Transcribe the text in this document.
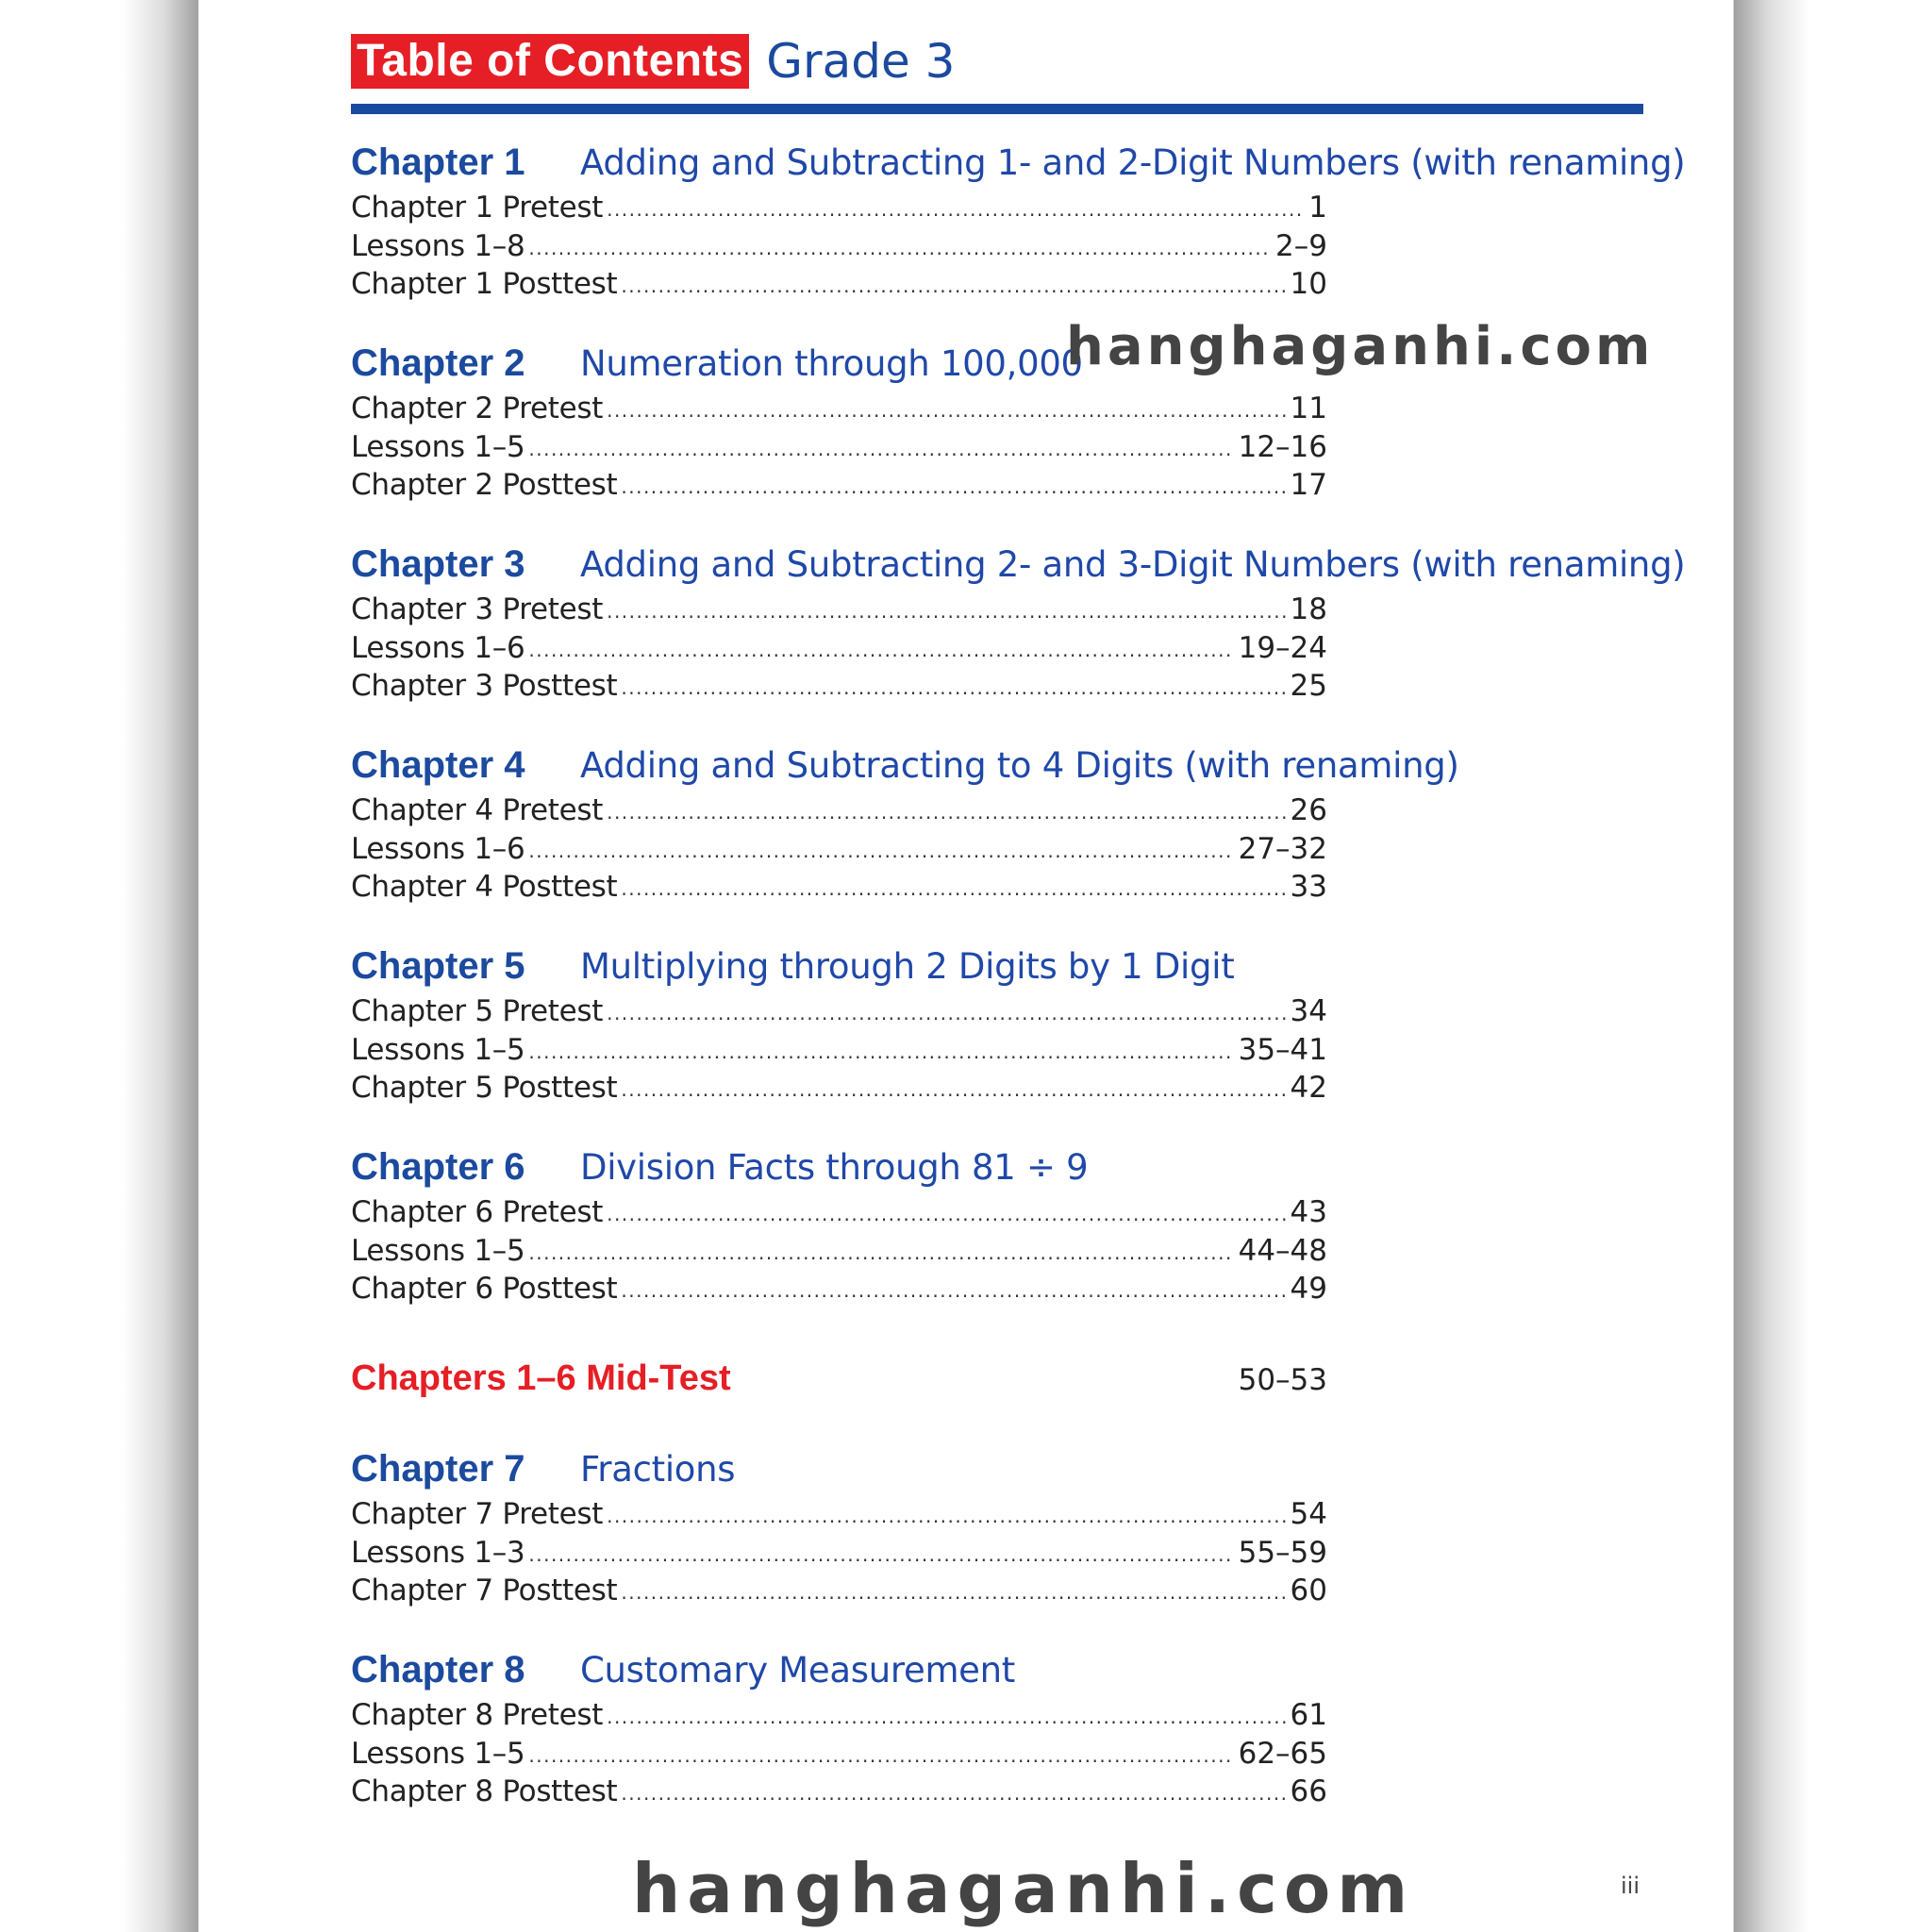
Table of Contents Grade 3
Chapter 1	Adding and Subtracting 1- and 2-Digit Numbers (with renaming)
Chapter 1 Pretest .....	1
Lessons 1–8 .....	2–9
Chapter 1 Posttest .....	10
Chapter 2	Numeration through 100,000
Chapter 2 Pretest .....	11
Lessons 1–5 .....	12–16
Chapter 2 Posttest .....	17
Chapter 3	Adding and Subtracting 2- and 3-Digit Numbers (with renaming)
Chapter 3 Pretest .....	18
Lessons 1–6 .....	19–24
Chapter 3 Posttest .....	25
Chapter 4	Adding and Subtracting to 4 Digits (with renaming)
Chapter 4 Pretest .....	26
Lessons 1–6 .....	27–32
Chapter 4 Posttest .....	33
Chapter 5	Multiplying through 2 Digits by 1 Digit
Chapter 5 Pretest .....	34
Lessons 1–5 .....	35–41
Chapter 5 Posttest .....	42
Chapter 6	Division Facts through 81 ÷ 9
Chapter 6 Pretest .....	43
Lessons 1–5 .....	44–48
Chapter 6 Posttest .....	49
Chapters 1–6 Mid-Test	50–53
Chapter 7	Fractions
Chapter 7 Pretest .....	54
Lessons 1–3 .....	55–59
Chapter 7 Posttest .....	60
Chapter 8	Customary Measurement
Chapter 8 Pretest .....	61
Lessons 1–5 .....	62–65
Chapter 8 Posttest .....	66
hanghaganhi.com
hanghaganhi.com	iii
